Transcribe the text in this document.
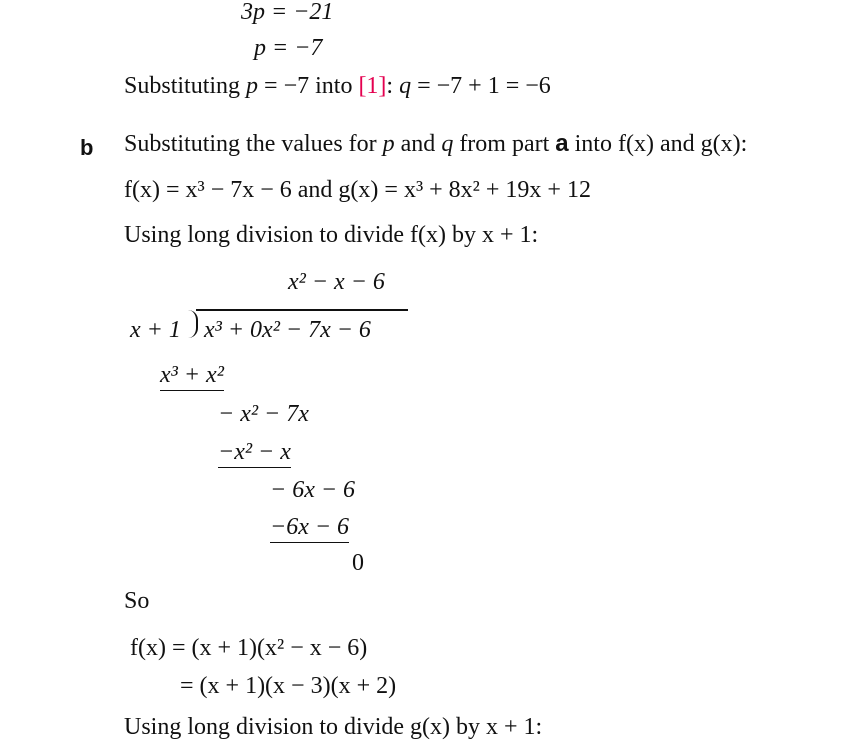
3p = −21
p = −7
Substituting p = −7 into [1]: q = −7 + 1 = −6
b Substituting the values for p and q from part a into f(x) and g(x):
f(x) = x³ − 7x − 6 and g(x) = x³ + 8x² + 19x + 12
Using long division to divide f(x) by x + 1:
x² − x − 6
x + 1 x³ + 0x² − 7x − 6
x³ + x²
− x² − 7x
−x² − x
− 6x − 6
−6x − 6
0
So
f(x) = (x + 1)(x² − x − 6)
= (x + 1)(x − 3)(x + 2)
Using long division to divide g(x) by x + 1:
